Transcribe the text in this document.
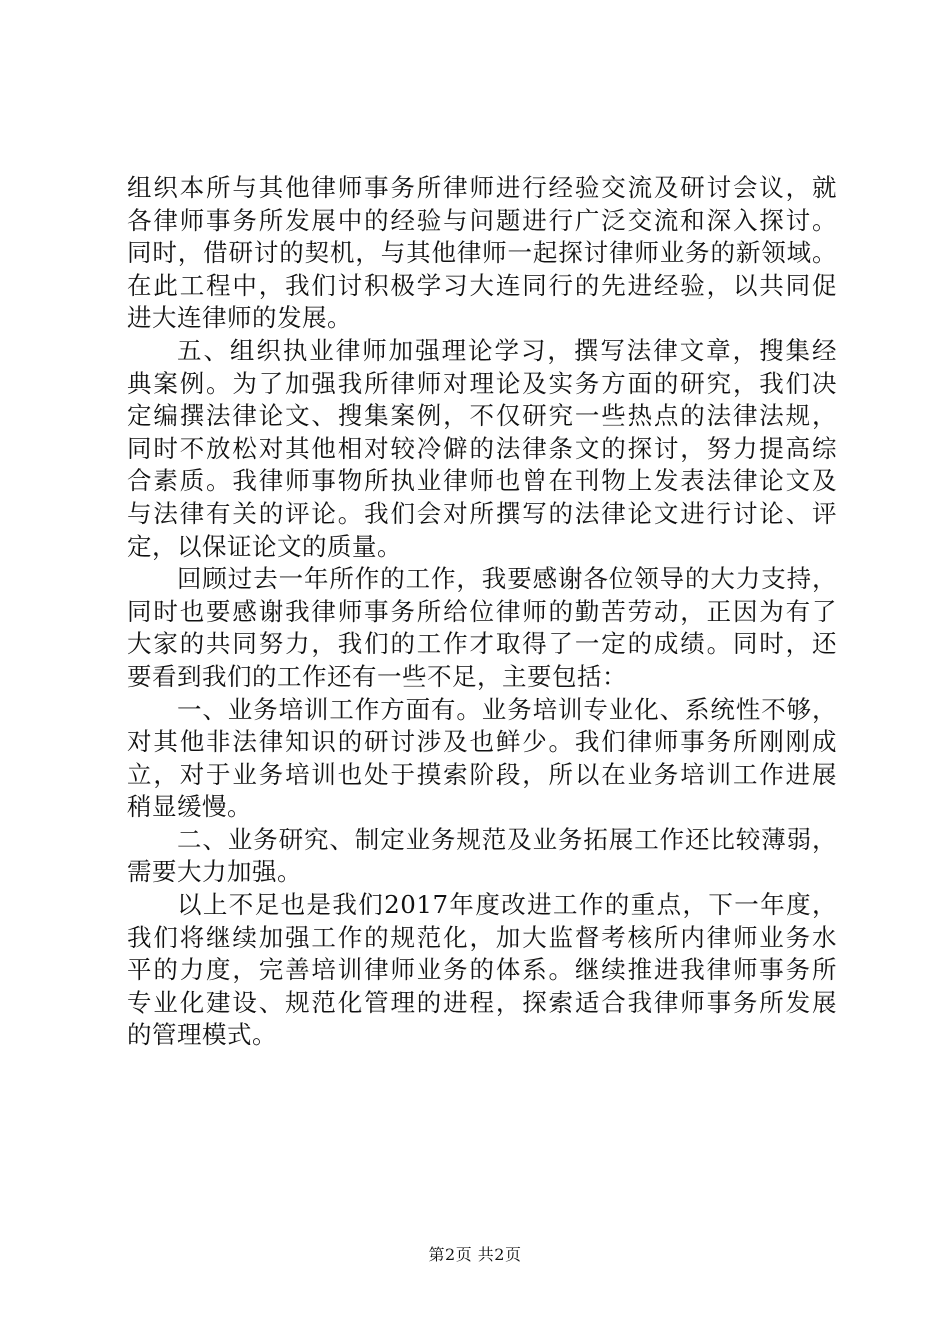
组织本所与其他律师事务所律师进行经验交流及研讨会议，就
各律师事务所发展中的经验与问题进行广泛交流和深入探讨。
同时，借研讨的契机，与其他律师一起探讨律师业务的新领域。
在此工程中，我们讨积极学习大连同行的先进经验，以共同促
进大连律师的发展。
五、组织执业律师加强理论学习，撰写法律文章，搜集经
典案例。为了加强我所律师对理论及实务方面的研究，我们决
定编撰法律论文、搜集案例，不仅研究一些热点的法律法规，
同时不放松对其他相对较冷僻的法律条文的探讨，努力提高综
合素质。我律师事物所执业律师也曾在刊物上发表法律论文及
与法律有关的评论。我们会对所撰写的法律论文进行讨论、评
定，以保证论文的质量。
回顾过去一年所作的工作，我要感谢各位领导的大力支持，
同时也要感谢我律师事务所给位律师的勤苦劳动，正因为有了
大家的共同努力，我们的工作才取得了一定的成绩。同时，还
要看到我们的工作还有一些不足，主要包括：
一、业务培训工作方面有。业务培训专业化、系统性不够，
对其他非法律知识的研讨涉及也鲜少。我们律师事务所刚刚成
立，对于业务培训也处于摸索阶段，所以在业务培训工作进展
稍显缓慢。
二、业务研究、制定业务规范及业务拓展工作还比较薄弱，
需要大力加强。
以上不足也是我们2017年度改进工作的重点，下一年度，
我们将继续加强工作的规范化，加大监督考核所内律师业务水
平的力度，完善培训律师业务的体系。继续推进我律师事务所
专业化建设、规范化管理的进程，探索适合我律师事务所发展
的管理模式。
第2页 共2页
